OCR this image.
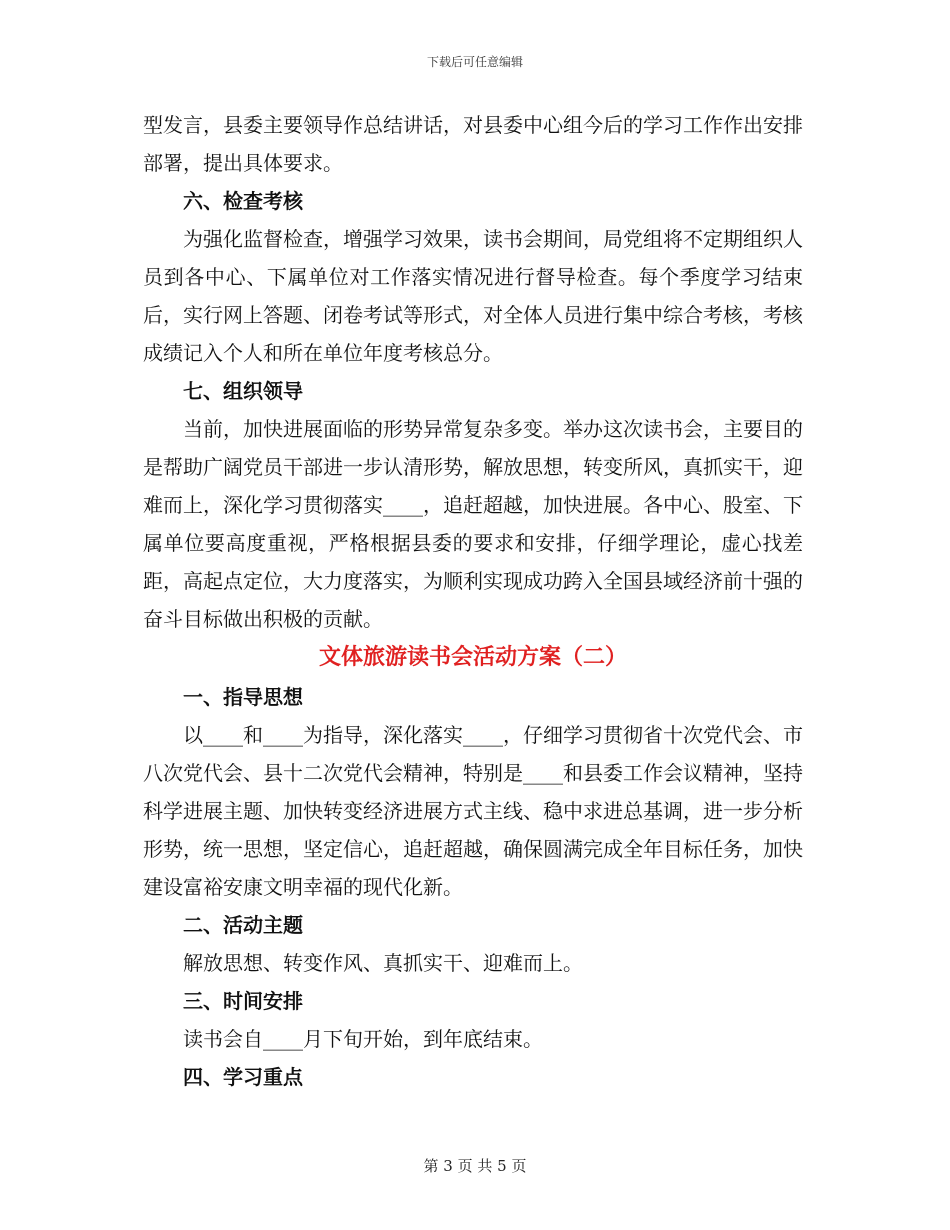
下载后可任意编辑

型发言，县委主要领导作总结讲话，对县委中心组今后的学习工作作出安排部署，提出具体要求。

六、检查考核

为强化监督检查，增强学习效果，读书会期间，局党组将不定期组织人员到各中心、下属单位对工作落实情况进行督导检查。每个季度学习结束后，实行网上答题、闭卷考试等形式，对全体人员进行集中综合考核，考核成绩记入个人和所在单位年度考核总分。

七、组织领导

当前，加快进展面临的形势异常复杂多变。举办这次读书会，主要目的是帮助广阔党员干部进一步认清形势，解放思想，转变所风，真抓实干，迎难而上，深化学习贯彻落实____，追赶超越，加快进展。各中心、股室、下属单位要高度重视，严格根据县委的要求和安排，仔细学理论，虚心找差距，高起点定位，大力度落实，为顺利实现成功跨入全国县域经济前十强的奋斗目标做出积极的贡献。

文体旅游读书会活动方案（二）

一、指导思想

以____和____为指导，深化落实____，仔细学习贯彻省十次党代会、市八次党代会、县十二次党代会精神，特别是____和县委工作会议精神，坚持科学进展主题、加快转变经济进展方式主线、稳中求进总基调，进一步分析形势，统一思想，坚定信心，追赶超越，确保圆满完成全年目标任务，加快建设富裕安康文明幸福的现代化新。

二、活动主题

解放思想、转变作风、真抓实干、迎难而上。

三、时间安排

读书会自____月下旬开始，到年底结束。

四、学习重点

第 3 页 共 5 页
